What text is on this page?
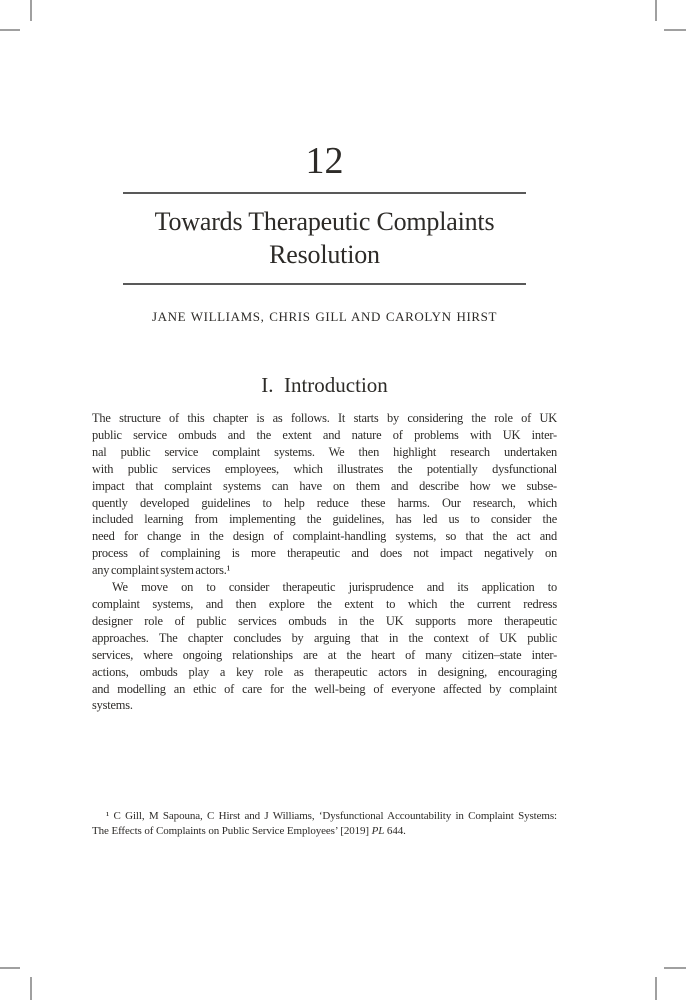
12
Towards Therapeutic Complaints
Resolution
JANE WILLIAMS, CHRIS GILL AND CAROLYN HIRST
I.  Introduction
The structure of this chapter is as follows. It starts by considering the role of UK
public service ombuds and the extent and nature of problems with UK inter-
nal public service complaint systems. We then highlight research undertaken
with public services employees, which illustrates the potentially dysfunctional
impact that complaint systems can have on them and describe how we subse-
quently developed guidelines to help reduce these harms. Our research, which
included learning from implementing the guidelines, has led us to consider the
need for change in the design of complaint-handling systems, so that the act and
process of complaining is more therapeutic and does not impact negatively on
any complaint system actors.¹
We move on to consider therapeutic jurisprudence and its application to
complaint systems, and then explore the extent to which the current redress
designer role of public services ombuds in the UK supports more therapeutic
approaches. The chapter concludes by arguing that in the context of UK public
services, where ongoing relationships are at the heart of many citizen–state inter-
actions, ombuds play a key role as therapeutic actors in designing, encouraging
and modelling an ethic of care for the well-being of everyone affected by complaint
systems.
¹ C Gill, M Sapouna, C Hirst and J Williams, ‘Dysfunctional Accountability in Complaint Systems:
The Effects of Complaints on Public Service Employees’ [2019] PL 644.
